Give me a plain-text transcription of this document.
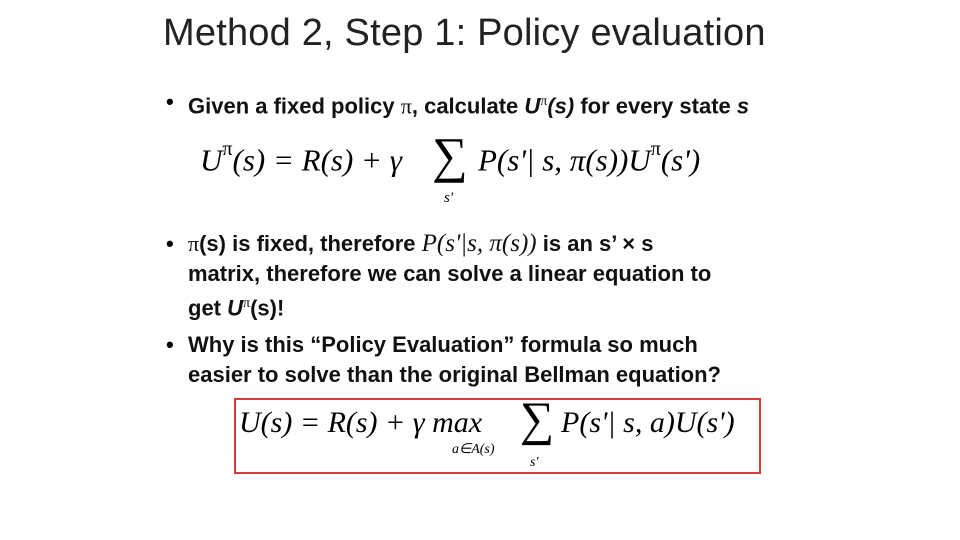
Method 2, Step 1: Policy evaluation
• Given a fixed policy π, calculate $U^\pi(s)$ for every state s
$U^\pi(s) = R(s) + \gamma$ ∑
s'
P(s'| s, $\pi(s))U^\pi(s')$
• π(s) is fixed, therefore P(s'|s, π(s)) is an s’ × s
matrix, therefore we can solve a linear equation to
get $U^\pi(s)$!
• Why is this “Policy Evaluation” formula so much
easier to solve than the original Bellman equation?
U(s) = R(s) + γ max
a∈A(s)
∑
s'
P(s'| s, a)U(s')
